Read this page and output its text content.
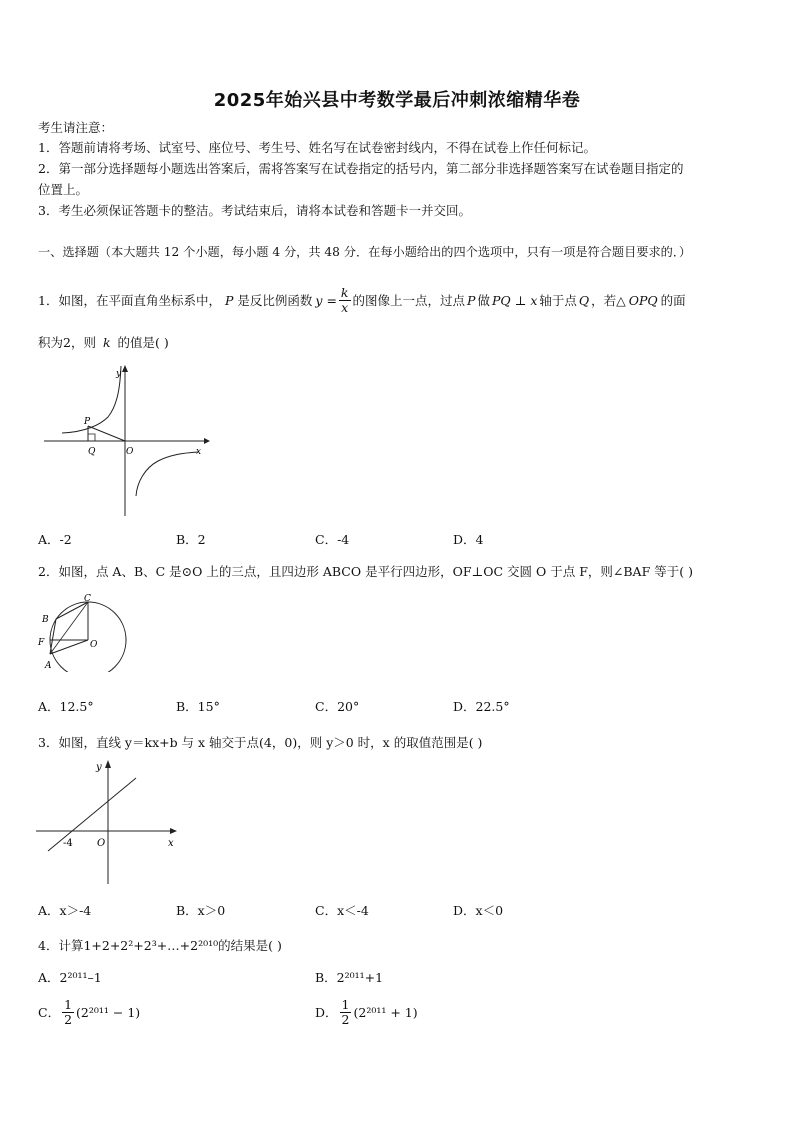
2025年始兴县中考数学最后冲刺浓缩精华卷
考生请注意：
1．答题前请将考场、试室号、座位号、考生号、姓名写在试卷密封线内，不得在试卷上作任何标记。
2．第一部分选择题每小题选出答案后，需将答案写在试卷指定的括号内，第二部分非选择题答案写在试卷题目指定的
位置上。
3．考生必须保证答题卡的整洁。考试结束后，请将本试卷和答题卡一并交回。
一、选择题（本大题共 12 个小题，每小题 4 分，共 48 分．在每小题给出的四个选项中，只有一项是符合题目要求的．）
1．如图，在平面直角坐标系中， P 是反比例函数 $y = \frac{k}{x}$ 的图像上一点，过点 P 做 PQ ⊥ x 轴于点 Q ，若△ OPQ 的面
积为2，则 k 的值是( )
y
x
P
Q	O
A．-2	B．2	C．-4	D．4
2．如图，点 A、B、C 是⊙O 上的三点，且四边形 ABCO 是平行四边形，OF⊥OC 交圆 O 于点 F，则∠BAF 等于( )
C
B
F	O
A
A．12.5°	B．15°	C．20°	D．22.5°
3．如图，直线 y＝kx+b 与 x 轴交于点(4，0)，则 y＞0 时，x 的取值范围是( )
y
x
O
-4
A．x＞-4	B．x＞0	C．x＜-4	D．x＜0
4．计算1+2+2²+2³+…+2²⁰¹⁰的结果是( )
A．2²⁰¹¹–1	B．2²⁰¹¹+1
C． $\frac{1}{2} (2^{2011} - 1)$	D． $\frac{1}{2} (2^{2011} + 1)$
